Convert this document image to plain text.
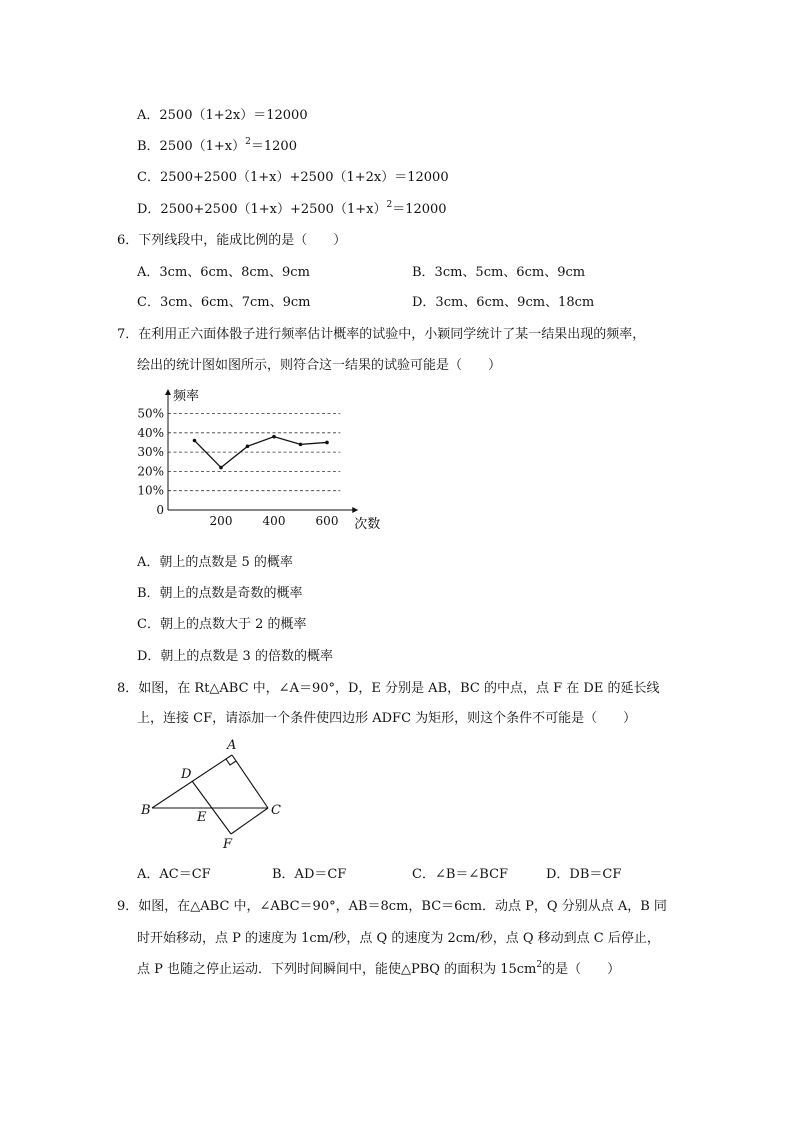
A．2500（1+2x）＝12000
B．$2500(1+x)^2=1200$
C．2500+2500（1+x）+2500（1+2x）＝12000
D．$2500+2500(1+x)+2500(1+x)^2=12000$
6．下列线段中，能成比例的是（　　）
A．3cm、6cm、8cm、9cm	B．3cm、5cm、6cm、9cm
C．3cm、6cm、7cm、9cm	D．3cm、6cm、9cm、18cm
7．在利用正六面体骰子进行频率估计概率的试验中，小颖同学统计了某一结果出现的频率，
绘出的统计图如图所示，则符合这一结果的试验可能是（　　）
0
10%
20%
30%
40%
50%
200	400	600
频率
次数
A．朝上的点数是 5 的概率
B．朝上的点数是奇数的概率
C．朝上的点数大于 2 的概率
D．朝上的点数是 3 的倍数的概率
8．如图，在 Rt△ABC 中，∠A＝90°，D，E 分别是 AB，BC 的中点，点 F 在 DE 的延长线
上，连接 CF，请添加一个条件使四边形 ADFC 为矩形，则这个条件不可能是（　　）
A
B	C
D
E
F
A．AC＝CF	B．AD＝CF	C．∠B＝∠BCF	D．DB＝CF
9．如图，在△ABC 中，∠ABC＝90°，AB＝8cm，BC＝6cm．动点 P，Q 分别从点 A，B 同
时开始移动，点 P 的速度为 1cm/秒，点 Q 的速度为 2cm/秒，点 Q 移动到点 C 后停止，
点 P 也随之停止运动．下列时间瞬间中，能使△PBQ 的面积为 $15cm^2$的是（　　）
